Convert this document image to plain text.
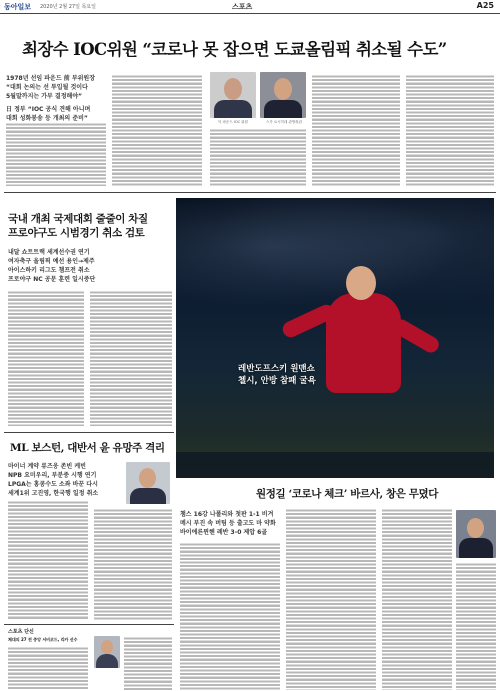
동아일보 2020년 2월 27일 목요일	스포츠	A25
최장수 IOC위원 “코로나 못 잡으면 도쿄올림픽 취소될 수도”
1978년 선임 파운드 前 부위원장
“대회 논의는 선 투입될 것이다
5월말까지는 가부 결정해야”
日 정부 “IOC 공식 견해 아니며
대회 성화봉송 등 개최의 준비”	딕 파운드 IOC 위원	스가 요시히데 관방장관
국내 개최 국제대회 줄줄이 차질
프로야구도 시범경기 취소 검토
내달 쇼트트랙 세계선수권 연기
여자축구 올림픽 예선 용인→제주
아이스하키 리그도 챔프전 취소
프로야구 NC 공문 훈련 일시중단
레반도프스키 원맨쇼
첼시, 안방 참패 굴욕
ML 보스턴, 대반서 윤 유망주 격리
마이너 계약 류즈웅 존빈 케빈
NPB 요미우리, 부분중 시행 연기
LPGA는 홍콩수도 소좌 바꾼 다시
세계1위 고진영, 한국행 일정 취소	원정길 ‘코로나 체크’ 바르사, 창은 무뎠다
챔스 16강 나폴리와 첫판 1-1 비겨
메시 부진 속 버팀 등 출고도 마 약화
바이에른뮌헨 레반 3-0 제압 6골
스포츠 단신
체대의 27 전 중앙 서비코드, 리카 선수
